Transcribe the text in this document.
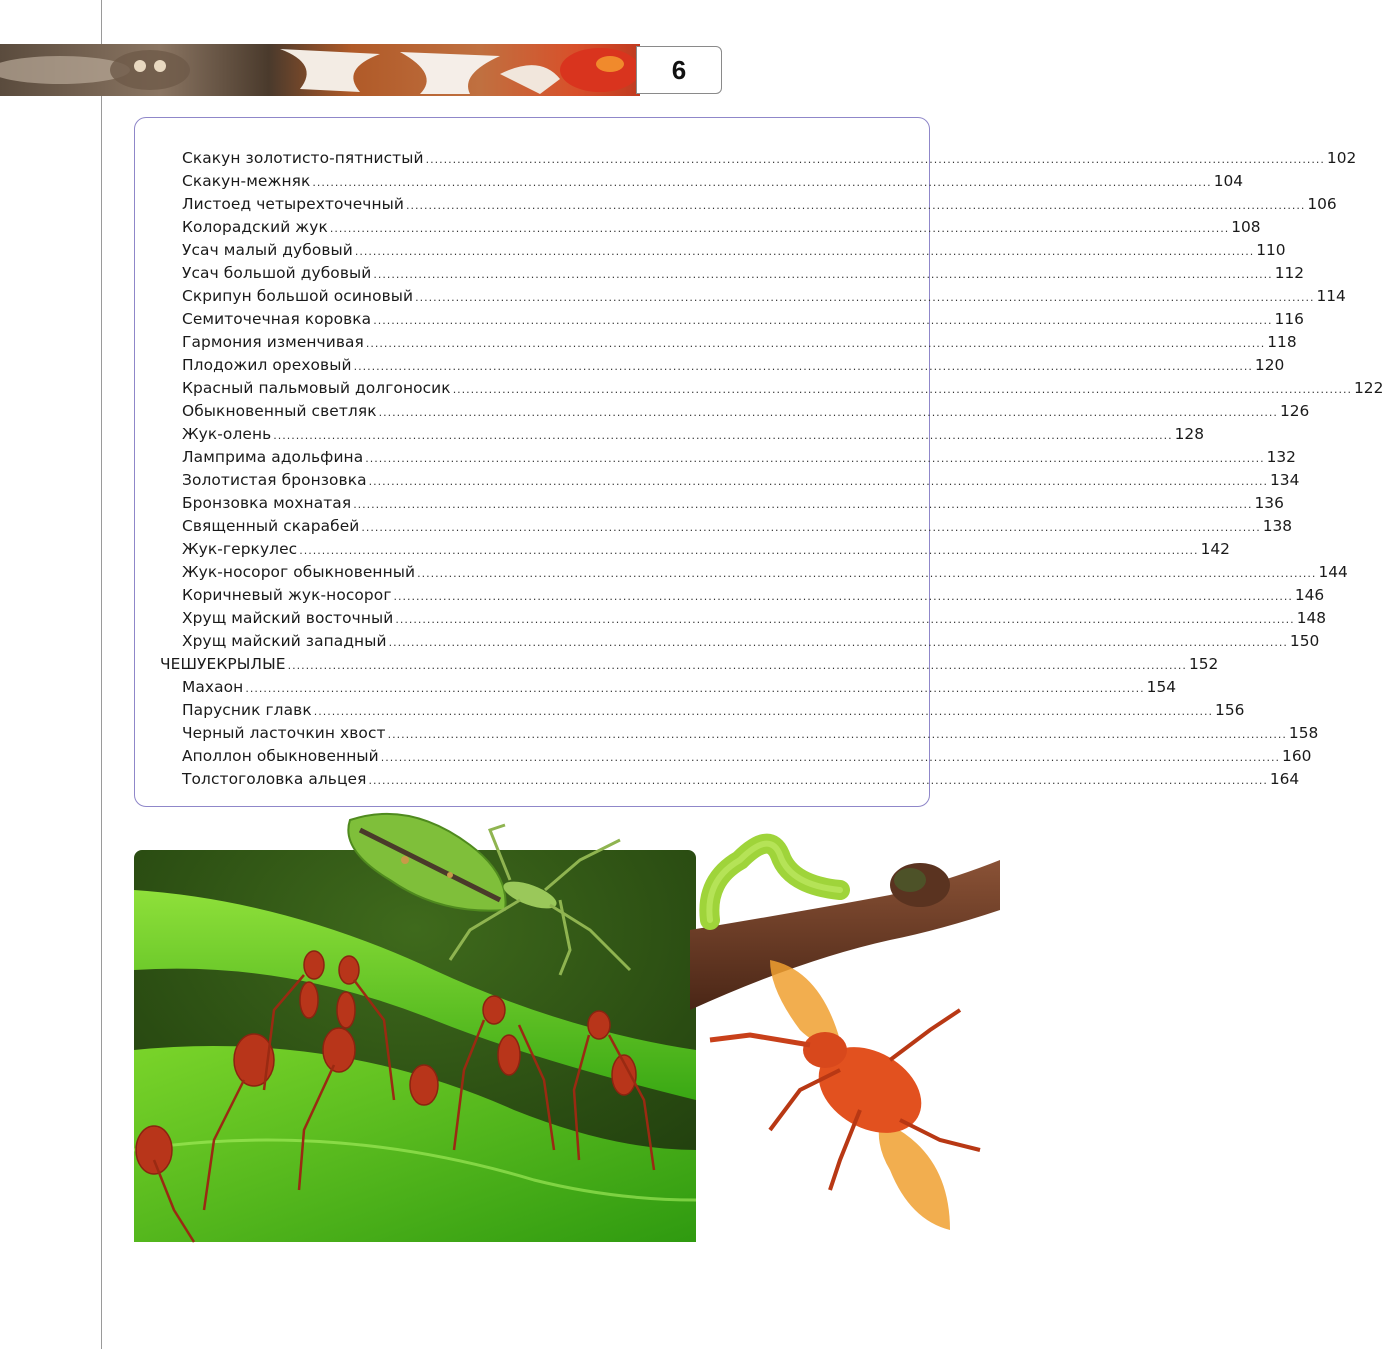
6
Скакун золотисто-пятнистый ........................................................................................................................................................................................................ 102
Скакун-межняк ........................................................................................................................................................................................................ 104
Листоед четырехточечный ........................................................................................................................................................................................................ 106
Колорадский жук ........................................................................................................................................................................................................ 108
Усач малый дубовый ........................................................................................................................................................................................................ 110
Усач большой дубовый ........................................................................................................................................................................................................ 112
Скрипун большой осиновый ........................................................................................................................................................................................................ 114
Семиточечная коровка ........................................................................................................................................................................................................ 116
Гармония изменчивая ........................................................................................................................................................................................................ 118
Плодожил ореховый ........................................................................................................................................................................................................ 120
Красный пальмовый долгоносик ........................................................................................................................................................................................................ 122
Обыкновенный светляк ........................................................................................................................................................................................................ 126
Жук-олень ........................................................................................................................................................................................................ 128
Ламприма адольфина ........................................................................................................................................................................................................ 132
Золотистая бронзовка ........................................................................................................................................................................................................ 134
Бронзовка мохнатая ........................................................................................................................................................................................................ 136
Священный скарабей ........................................................................................................................................................................................................ 138
Жук-геркулес ........................................................................................................................................................................................................ 142
Жук-носорог обыкновенный ........................................................................................................................................................................................................ 144
Коричневый жук-носорог ........................................................................................................................................................................................................ 146
Хрущ майский восточный ........................................................................................................................................................................................................ 148
Хрущ майский западный ........................................................................................................................................................................................................ 150
ЧЕШУЕКРЫЛЫЕ ........................................................................................................................................................................................................ 152
Махаон ........................................................................................................................................................................................................ 154
Парусник главк ........................................................................................................................................................................................................ 156
Черный ласточкин хвост ........................................................................................................................................................................................................ 158
Аполлон обыкновенный ........................................................................................................................................................................................................ 160
Толстоголовка альцея ........................................................................................................................................................................................................ 164
